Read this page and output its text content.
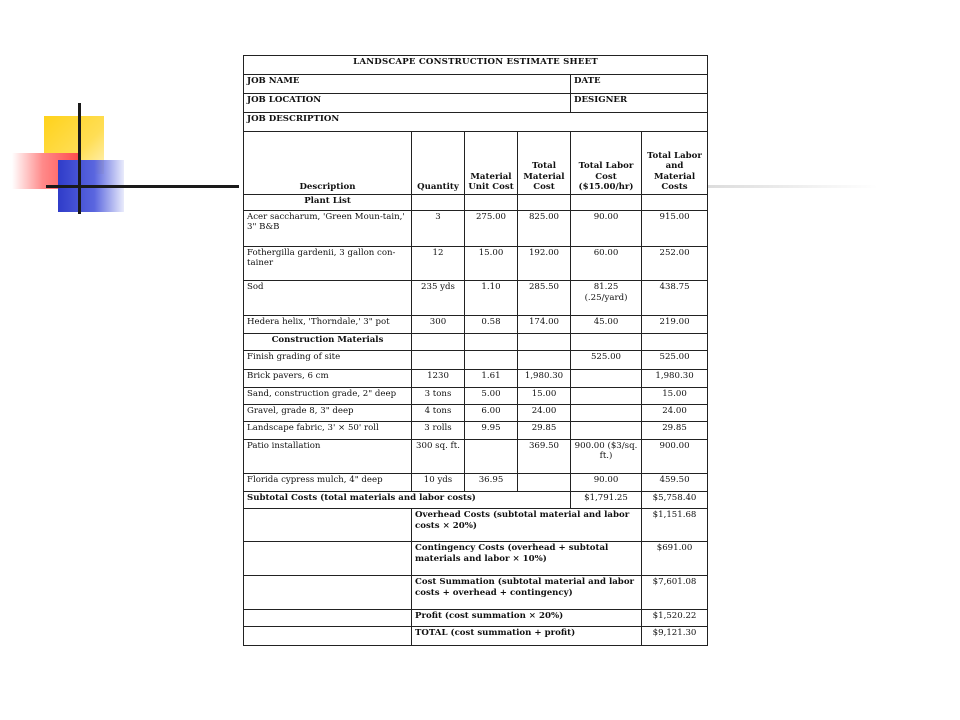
LANDSCAPE CONSTRUCTION ESTIMATE SHEET					
JOB NAME				DATE	
JOB LOCATION				DESIGNER	
JOB DESCRIPTION					
Description	Quantity	Material Unit Cost	Total Material Cost	Total Labor Cost ($15.00/hr)	Total Labor and Material Costs
Plant List					
Acer saccharum, 'Green Moun-tain,' 3" B&B	3	275.00	825.00	90.00	915.00
Fothergilla gardenii, 3 gallon con-tainer	12	15.00	192.00	60.00	252.00
Sod	235 yds	1.10	285.50	81.25 (.25/yard)	438.75
Hedera helix, 'Thorndale,' 3" pot	300	0.58	174.00	45.00	219.00
Construction Materials					
Finish grading of site				525.00	525.00
Brick pavers, 6 cm	1230	1.61	1,980.30		1,980.30
Sand, construction grade, 2" deep	3 tons	5.00	15.00		15.00
Gravel, grade 8, 3" deep	4 tons	6.00	24.00		24.00
Landscape fabric, 3' × 50' roll	3 rolls	9.95	29.85		29.85
Patio installation	300 sq. ft.		369.50	900.00 ($3/sq. ft.)	900.00
Florida cypress mulch, 4" deep	10 yds	36.95		90.00	459.50
Subtotal Costs (total materials and labor costs)				$1,791.25	$5,758.40
	Overhead Costs (subtotal material and labor costs × 20%)				$1,151.68
	Contingency Costs (overhead + subtotal materials and labor × 10%)				$691.00
	Cost Summation (subtotal material and labor costs + overhead + contingency)				$7,601.08
	Profit (cost summation × 20%)				$1,520.22
	TOTAL (cost summation + profit)				$9,121.30
